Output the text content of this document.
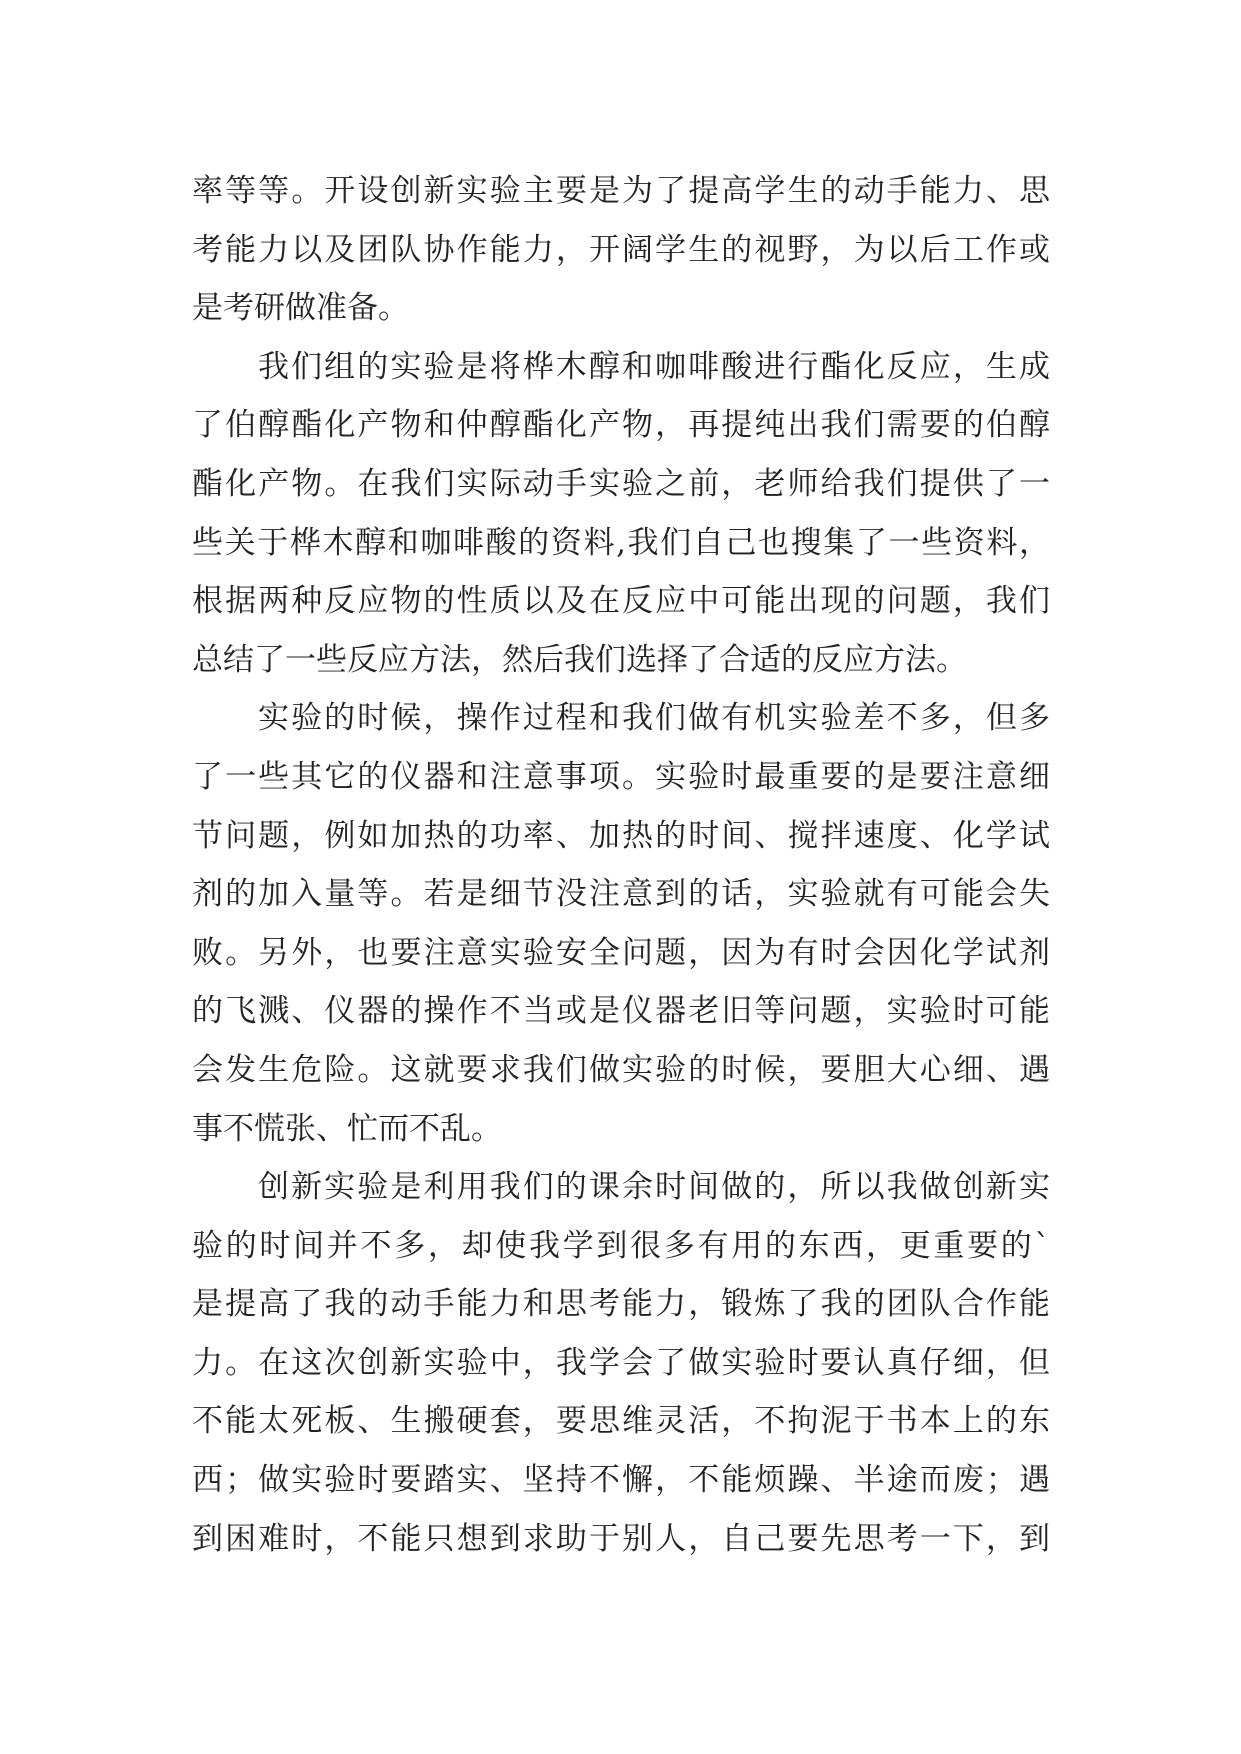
率等等。开设创新实验主要是为了提高学生的动手能力、思
考能力以及团队协作能力，开阔学生的视野，为以后工作或
是考研做准备。

我们组的实验是将桦木醇和咖啡酸进行酯化反应，生成
了伯醇酯化产物和仲醇酯化产物，再提纯出我们需要的伯醇
酯化产物。在我们实际动手实验之前，老师给我们提供了一
些关于桦木醇和咖啡酸的资料,我们自己也搜集了一些资料，
根据两种反应物的性质以及在反应中可能出现的问题，我们
总结了一些反应方法，然后我们选择了合适的反应方法。

实验的时候，操作过程和我们做有机实验差不多，但多
了一些其它的仪器和注意事项。实验时最重要的是要注意细
节问题，例如加热的功率、加热的时间、搅拌速度、化学试
剂的加入量等。若是细节没注意到的话，实验就有可能会失
败。另外，也要注意实验安全问题，因为有时会因化学试剂
的飞溅、仪器的操作不当或是仪器老旧等问题，实验时可能
会发生危险。这就要求我们做实验的时候，要胆大心细、遇
事不慌张、忙而不乱。

创新实验是利用我们的课余时间做的，所以我做创新实
验的时间并不多，却使我学到很多有用的东西，更重要的`
是提高了我的动手能力和思考能力，锻炼了我的团队合作能
力。在这次创新实验中，我学会了做实验时要认真仔细，但
不能太死板、生搬硬套，要思维灵活，不拘泥于书本上的东
西；做实验时要踏实、坚持不懈，不能烦躁、半途而废；遇
到困难时，不能只想到求助于别人，自己要先思考一下，到
